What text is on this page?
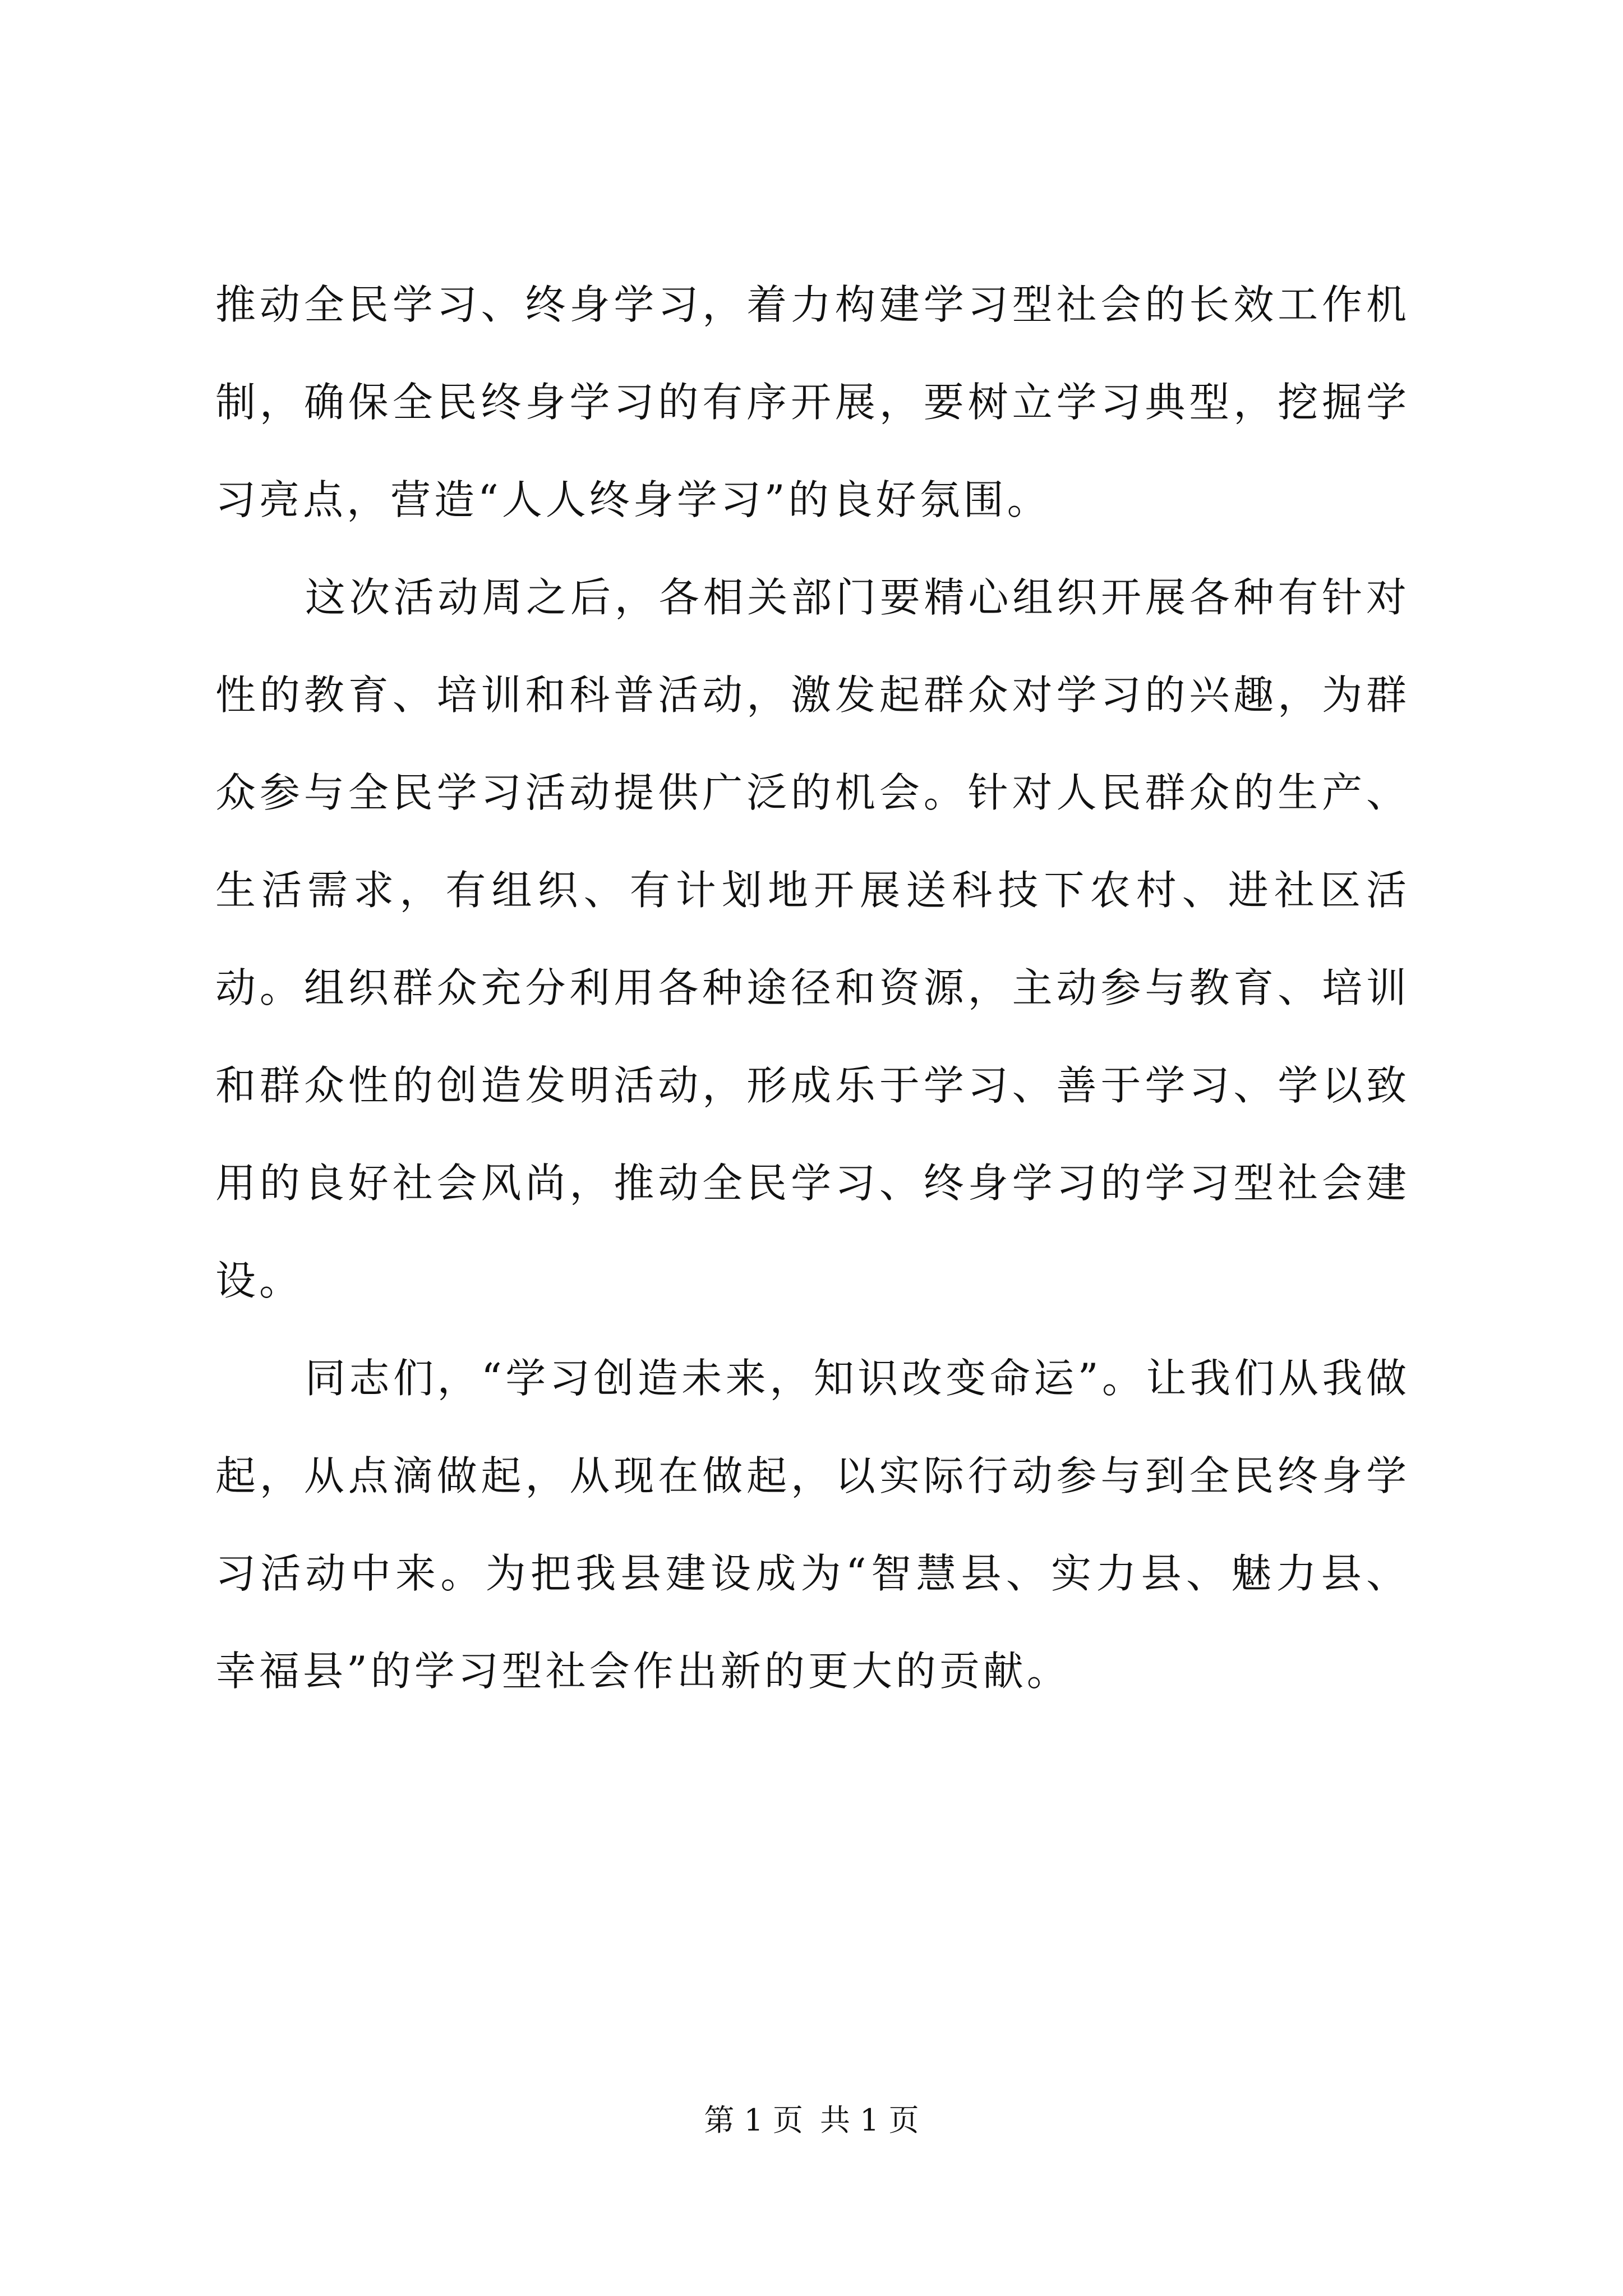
推动全民学习、终身学习，着力构建学习型社会的长效工作机制，确保全民终身学习的有序开展，要树立学习典型，挖掘学习亮点，营造“人人终身学习”的良好氛围。

这次活动周之后，各相关部门要精心组织开展各种有针对性的教育、培训和科普活动，激发起群众对学习的兴趣，为群众参与全民学习活动提供广泛的机会。针对人民群众的生产、生活需求，有组织、有计划地开展送科技下农村、进社区活动。组织群众充分利用各种途径和资源，主动参与教育、培训和群众性的创造发明活动，形成乐于学习、善于学习、学以致用的良好社会风尚，推动全民学习、终身学习的学习型社会建设。

同志们，“学习创造未来，知识改变命运”。让我们从我做起，从点滴做起，从现在做起，以实际行动参与到全民终身学习活动中来。为把我县建设成为“智慧县、实力县、魅力县、幸福县”的学习型社会作出新的更大的贡献。

第 1 页 共 1 页
